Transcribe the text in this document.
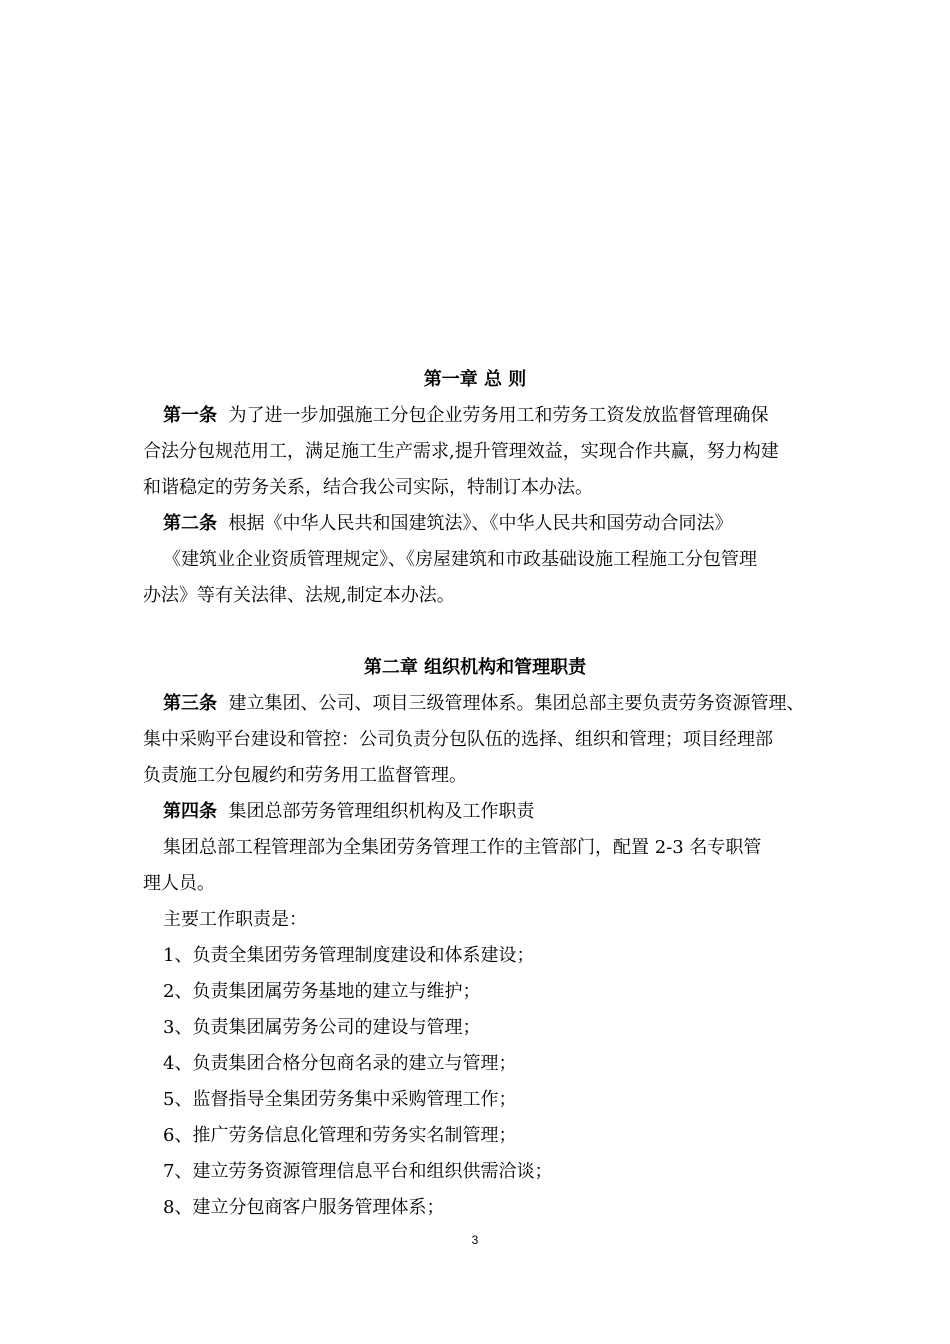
第一章 总 则
第一条 为了进一步加强施工分包企业劳务用工和劳务工资发放监督管理确保
合法分包规范用工，满足施工生产需求,提升管理效益，实现合作共赢，努力构建
和谐稳定的劳务关系，结合我公司实际，特制订本办法。
第二条 根据《中华人民共和国建筑法》、《中华人民共和国劳动合同法》
《建筑业企业资质管理规定》、《房屋建筑和市政基础设施工程施工分包管理
办法》等有关法律、法规,制定本办法。
第二章 组织机构和管理职责
第三条 建立集团、公司、项目三级管理体系。集团总部主要负责劳务资源管理、
集中采购平台建设和管控：公司负责分包队伍的选择、组织和管理；项目经理部
负责施工分包履约和劳务用工监督管理。
第四条 集团总部劳务管理组织机构及工作职责
集团总部工程管理部为全集团劳务管理工作的主管部门，配置 2-3 名专职管
理人员。
主要工作职责是：
1、负责全集团劳务管理制度建设和体系建设；
2、负责集团属劳务基地的建立与维护；
3、负责集团属劳务公司的建设与管理；
4、负责集团合格分包商名录的建立与管理；
5、监督指导全集团劳务集中采购管理工作；
6、推广劳务信息化管理和劳务实名制管理；
7、建立劳务资源管理信息平台和组织供需洽谈；
8、建立分包商客户服务管理体系；
3
